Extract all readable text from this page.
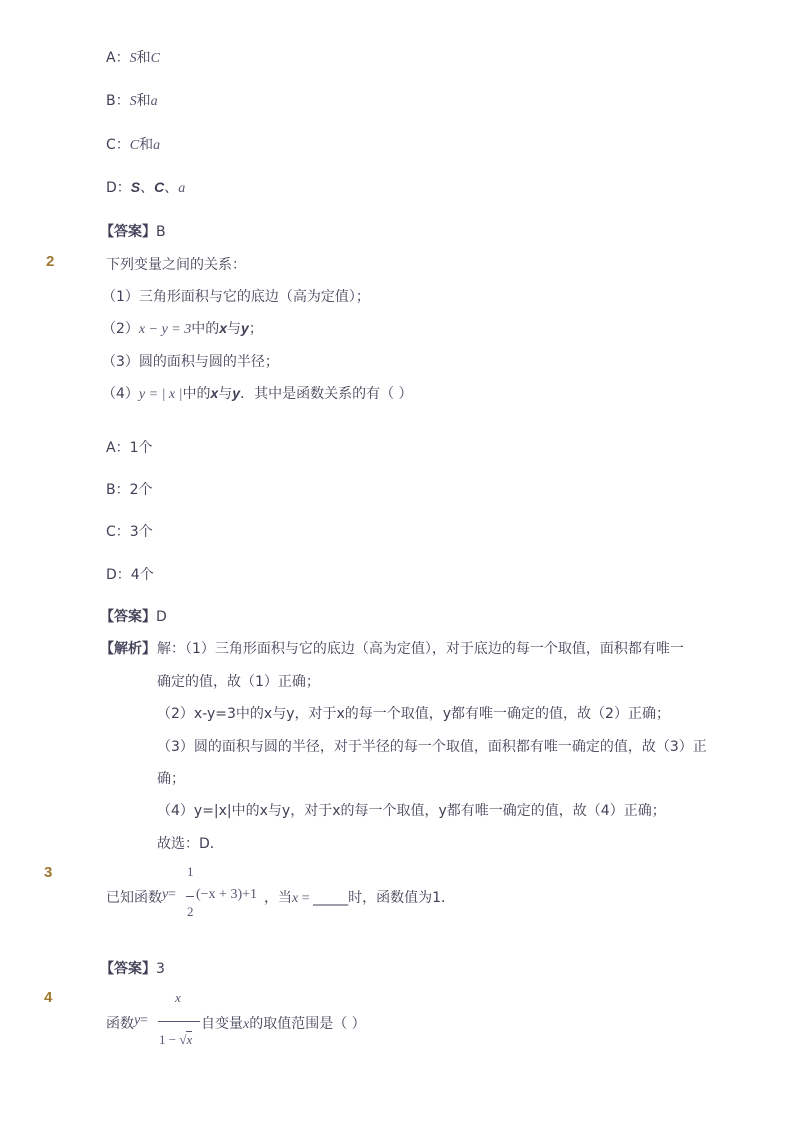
A：S和C
B：S和a
C：C和a
D：S、C、a
【答案】B
2	下列变量之间的关系：
（1）三角形面积与它的底边（高为定值）；
（2）x − y = 3中的x与y；
（3）圆的面积与圆的半径；
（4）y = | x |中的x与y．其中是函数关系的有（ ）
A：1个
B：2个
C：3个
D：4个
【答案】D
【解析】 解：（1）三角形面积与它的底边（高为定值），对于底边的每一个取值，面积都有唯一
确定的值，故（1）正确；
（2）x-y=3中的x与y，对于x的每一个取值，y都有唯一确定的值，故（2）正确；
（3）圆的面积与圆的半径，对于半径的每一个取值，面积都有唯一确定的值，故（3）正
确；
（4）y=|x|中的x与y，对于x的每一个取值，y都有唯一确定的值，故（4）正确；
故选：D．
3
已知函数 y =
1
2
(−x + 3)+1 ，当x = _____时，函数值为1．
【答案】3
4
函数 y =
x
1 − √x
自变量x的取值范围是（ ）
